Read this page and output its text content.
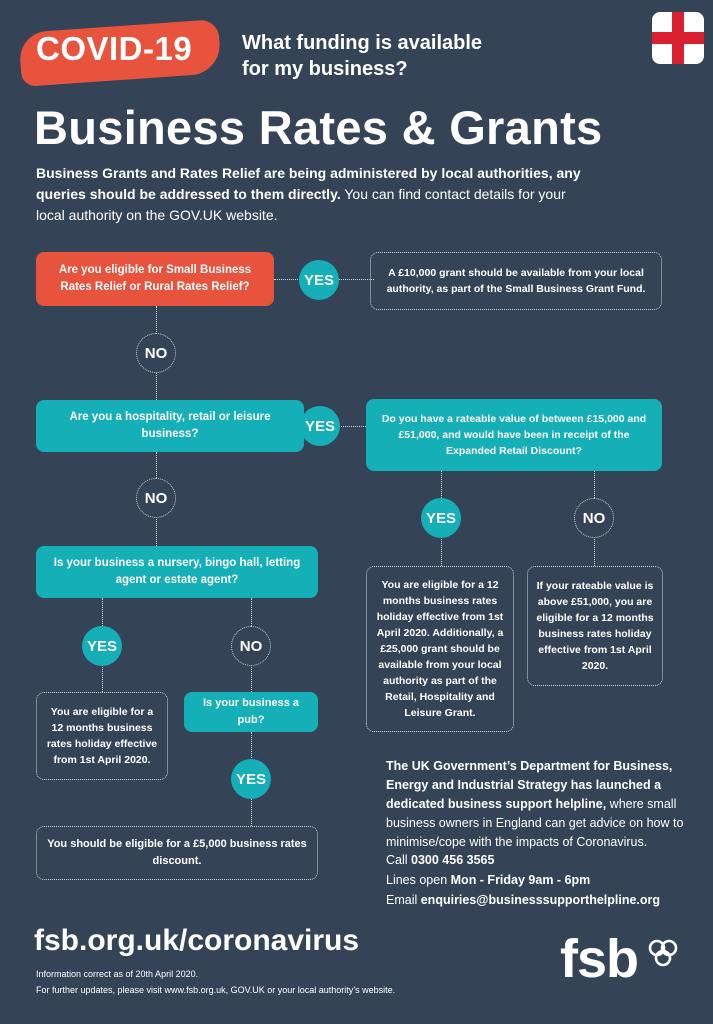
COVID-19 What funding is available
for my business?
Business Rates & Grants
Business Grants and Rates Relief are being administered by local authorities, any queries should be addressed to them directly. You can find contact details for your local authority on the GOV.UK website.
Are you eligible for Small Business Rates Relief or Rural Rates Relief?	YES	A £10,000 grant should be available from your local authority, as part of the Small Business Grant Fund.
NO
Are you a hospitality, retail or leisure business?	YES	Do you have a rateable value of between £15,000 and £51,000, and would have been in receipt of the Expanded Retail Discount?
YES	NO
You are eligible for a 12 months business rates holiday effective from 1st April 2020. Additionally, a £25,000 grant should be available from your local authority as part of the Retail, Hospitality and Leisure Grant.
If your rateable value is above £51,000, you are eligible for a 12 months business rates holiday effective from 1st April 2020.
NO
Is your business a nursery, bingo hall, letting agent or estate agent?
YES	NO
You are eligible for a 12 months business rates holiday effective from 1st April 2020.
Is your business a pub?
YES
You should be eligible for a £5,000 business rates discount.
The UK Government’s Department for Business, Energy and Industrial Strategy has launched a dedicated business support helpline, where small business owners in England can get advice on how to minimise/cope with the impacts of Coronavirus.
Call 0300 456 3565
Lines open Mon - Friday 9am - 6pm
Email enquiries@businesssupporthelpline.org
fsb.org.uk/coronavirus
Information correct as of 20th April 2020.
For further updates, please visit www.fsb.org.uk, GOV.UK or your local authority’s website.
fsb
